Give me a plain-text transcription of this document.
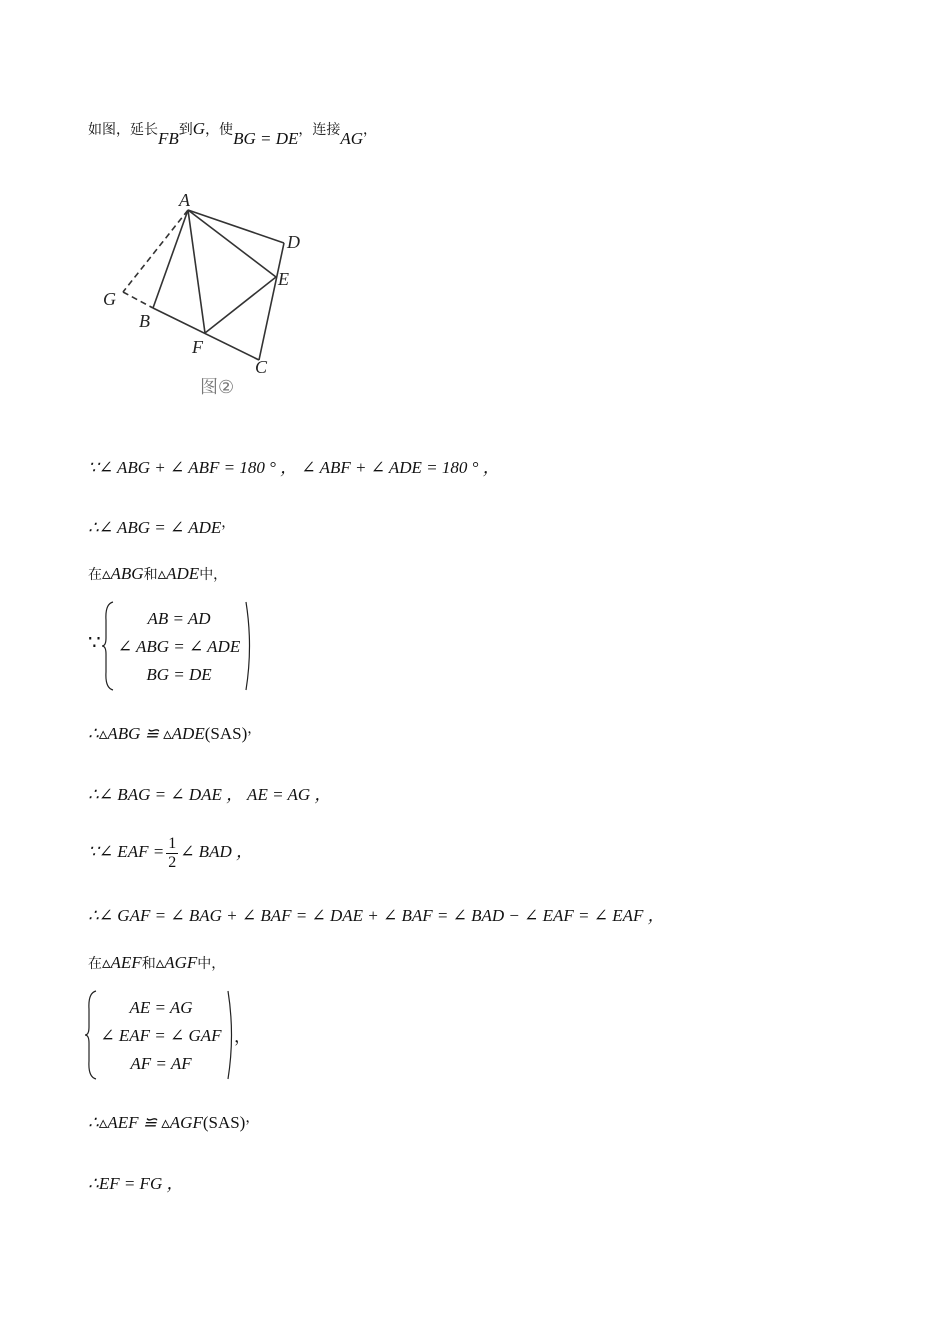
如图，延长FB到G，使BG = DE，连接AG，
A
D
E
G
B
F
C
图②
∵∠ ABG + ∠ ABF = 180 ° ， ∠ ABF + ∠ ADE = 180 ° ，
∴∠ ABG = ∠ ADE，
在▵ABG和▵ADE中，
∵
AB = AD
∠ ABG = ∠ ADE
BG = DE
∴▵ABG ≌ ▵ADE(SAS)，
∴∠ BAG = ∠ DAE ， AE = AG ，
∵∠ EAF = $\frac{1}{2}$ ∠ BAD ，
∴∠ GAF = ∠ BAG + ∠ BAF = ∠ DAE + ∠ BAF = ∠ BAD − ∠ EAF = ∠ EAF ，
在▵AEF和▵AGF中，
AE = AG
∠ EAF = ∠ GAF
AF = AF
，
∴▵AEF ≌ ▵AGF(SAS)，
∴EF = FG ，
